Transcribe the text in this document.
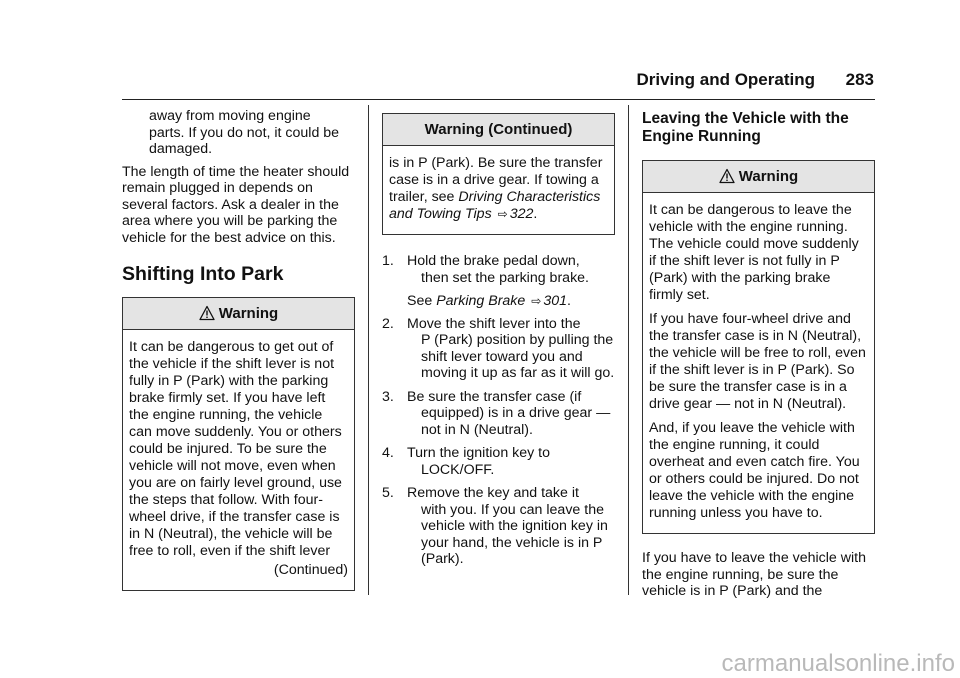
Driving and Operating	283

away from moving engine parts. If you do not, it could be damaged.

The length of time the heater should remain plugged in depends on several factors. Ask a dealer in the area where you will be parking the vehicle for the best advice on this.

Shifting Into Park
Warning

It can be dangerous to get out of the vehicle if the shift lever is not fully in P (Park) with the parking brake firmly set. If you have left the engine running, the vehicle can move suddenly. You or others could be injured. To be sure the vehicle will not move, even when you are on fairly level ground, use the steps that follow. With four-wheel drive, if the transfer case is in N (Neutral), the vehicle will be free to roll, even if the shift lever

(Continued)

Warning (Continued)

is in P (Park). Be sure the transfer case is in a drive gear. If towing a trailer, see Driving Characteristics and Towing Tips ⇨ 322.

1. Hold the brake pedal down,
then set the parking brake.

See Parking Brake ⇨ 301.

2. Move the shift lever into the
P (Park) position by pulling the shift lever toward you and moving it up as far as it will go.
3. Be sure the transfer case (if
equipped) is in a drive gear — not in N (Neutral).
4. Turn the ignition key to
LOCK/OFF.
5. Remove the key and take it
with you. If you can leave the vehicle with the ignition key in your hand, the vehicle is in P (Park).
Leaving the Vehicle with the Engine Running
Warning

It can be dangerous to leave the vehicle with the engine running. The vehicle could move suddenly if the shift lever is not fully in P (Park) with the parking brake firmly set.

If you have four-wheel drive and the transfer case is in N (Neutral), the vehicle will be free to roll, even if the shift lever is in P (Park). So be sure the transfer case is in a drive gear — not in N (Neutral).

And, if you leave the vehicle with the engine running, it could overheat and even catch fire. You or others could be injured. Do not leave the vehicle with the engine running unless you have to.

If you have to leave the vehicle with the engine running, be sure the vehicle is in P (Park) and the

carmanualsonline.info
